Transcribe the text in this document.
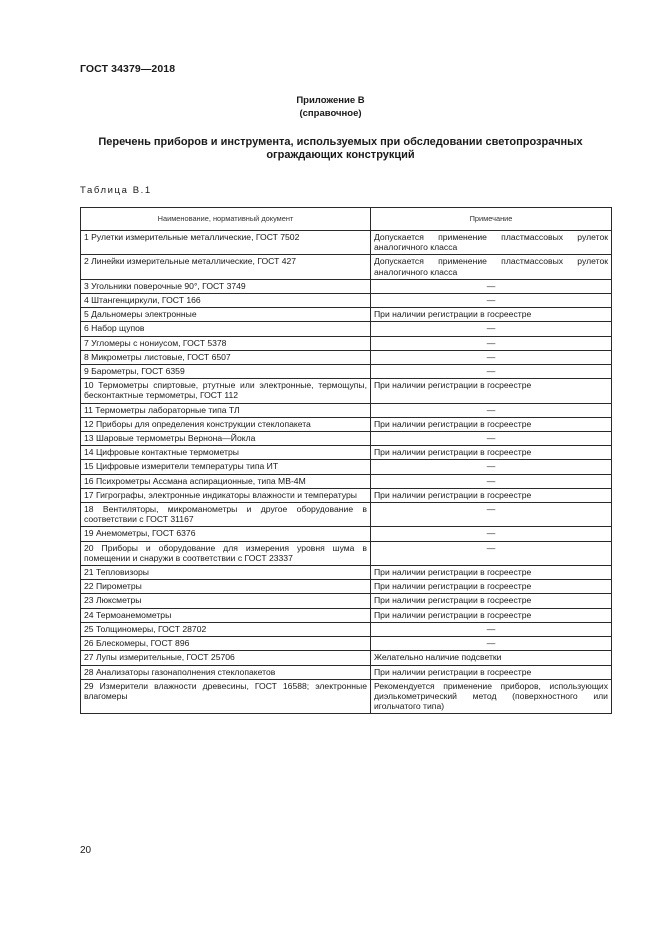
ГОСТ 34379—2018
Приложение В
(справочное)
Перечень приборов и инструмента, используемых при обследовании светопрозрачных ограждающих конструкций
Таблица В.1
Наименование, нормативный документ	Примечание
1 Рулетки измерительные металлические, ГОСТ 7502	Допускается применение пластмассовых рулеток аналогичного класса
2 Линейки измерительные металлические, ГОСТ 427	Допускается применение пластмассовых рулеток аналогичного класса
3 Угольники поверочные 90°, ГОСТ 3749	—
4 Штангенциркули, ГОСТ 166	—
5 Дальномеры электронные	При наличии регистрации в госреестре
6 Набор щупов	—
7 Угломеры с нониусом, ГОСТ 5378	—
8 Микрометры листовые, ГОСТ 6507	—
9 Барометры, ГОСТ 6359	—
10 Термометры спиртовые, ртутные или электронные, термощупы, бесконтактные термометры, ГОСТ 112	При наличии регистрации в госреестре
11 Термометры лабораторные типа ТЛ	—
12 Приборы для определения конструкции стеклопакета	При наличии регистрации в госреестре
13 Шаровые термометры Вернона—Йокла	—
14 Цифровые контактные термометры	При наличии регистрации в госреестре
15 Цифровые измерители температуры типа ИТ	—
16 Психрометры Ассмана аспирационные, типа МВ-4М	—
17 Гигрографы, электронные индикаторы влажности и температуры	При наличии регистрации в госреестре
18 Вентиляторы, микроманометры и другое оборудование в соответствии с ГОСТ 31167	—
19 Анемометры, ГОСТ 6376	—
20 Приборы и оборудование для измерения уровня шума в помещении и снаружи в соответствии с ГОСТ 23337	—
21 Тепловизоры	При наличии регистрации в госреестре
22 Пирометры	При наличии регистрации в госреестре
23 Люксметры	При наличии регистрации в госреестре
24 Термоанемометры	При наличии регистрации в госреестре
25 Толщиномеры, ГОСТ 28702	—
26 Блескомеры, ГОСТ 896	—
27 Лупы измерительные, ГОСТ 25706	Желательно наличие подсветки
28 Анализаторы газонаполнения стеклопакетов	При наличии регистрации в госреестре
29 Измерители влажности древесины, ГОСТ 16588; электронные влагомеры	Рекомендуется применение приборов, использующих диэлькометрический метод (поверхностного или игольчатого типа)
20
